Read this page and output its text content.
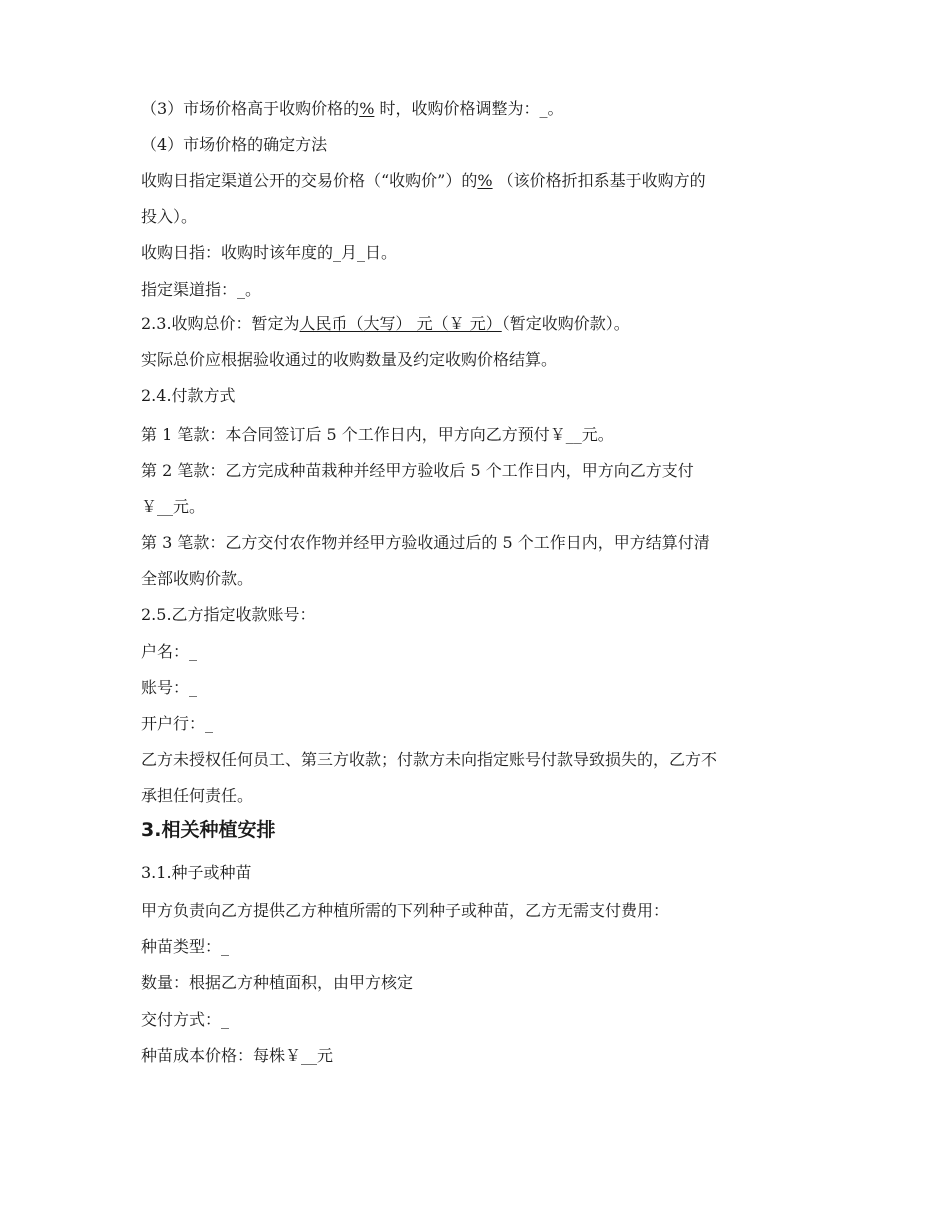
（3）市场价格高于收购价格的% 时，收购价格调整为：_。

（4）市场价格的确定方法

收购日指定渠道公开的交易价格（“收购价”）的% （该价格折扣系基于收购方的

投入）。

收购日指：收购时该年度的_月_日。

指定渠道指：_。

2.3.收购总价：暂定为人民币（大写） 元（￥ 元）（暂定收购价款）。

实际总价应根据验收通过的收购数量及约定收购价格结算。

2.4.付款方式

第 1 笔款：本合同签订后 5 个工作日内，甲方向乙方预付￥__元。

第 2 笔款：乙方完成种苗栽种并经甲方验收后 5 个工作日内，甲方向乙方支付

￥__元。

第 3 笔款：乙方交付农作物并经甲方验收通过后的 5 个工作日内，甲方结算付清

全部收购价款。

2.5.乙方指定收款账号：

户名：_

账号：_

开户行：_

乙方未授权任何员工、第三方收款；付款方未向指定账号付款导致损失的，乙方不

承担任何责任。

3.相关种植安排

3.1.种子或种苗

甲方负责向乙方提供乙方种植所需的下列种子或种苗，乙方无需支付费用：

种苗类型：_

数量：根据乙方种植面积，由甲方核定

交付方式：_

种苗成本价格：每株￥__元
